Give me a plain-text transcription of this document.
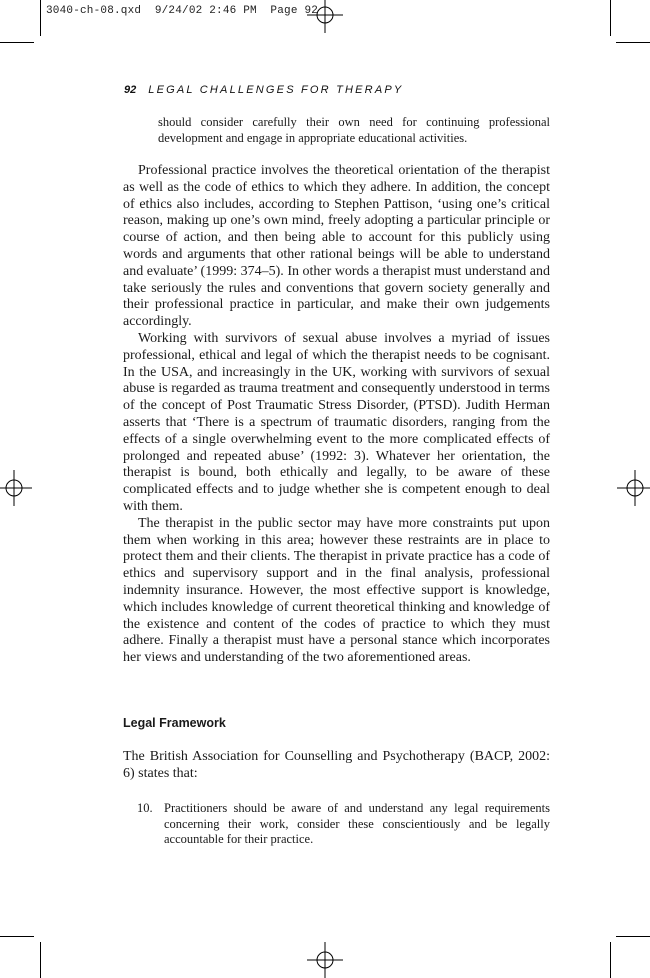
3040-ch-08.qxd  9/24/02 2:46 PM  Page 92
92 LEGAL CHALLENGES FOR THERAPY

should consider carefully their own need for continuing professional development and engage in appropriate educational activities.

Professional practice involves the theoretical orientation of the therapist as well as the code of ethics to which they adhere. In addition, the concept of ethics also includes, according to Stephen Pattison, ‘using one’s critical reason, making up one’s own mind, freely adopting a particular principle or course of action, and then being able to account for this publicly using words and arguments that other rational beings will be able to understand and evaluate’ (1999: 374–5). In other words a therapist must understand and take seriously the rules and conventions that govern society generally and their professional practice in particular, and make their own judgements accordingly.

Working with survivors of sexual abuse involves a myriad of issues professional, ethical and legal of which the therapist needs to be cognisant. In the USA, and increasingly in the UK, working with survivors of sexual abuse is regarded as trauma treatment and consequently understood in terms of the concept of Post Traumatic Stress Disorder, (PTSD). Judith Herman asserts that ‘There is a spectrum of traumatic disorders, ranging from the effects of a single overwhelming event to the more complicated effects of prolonged and repeated abuse’ (1992: 3). Whatever her orientation, the therapist is bound, both ethically and legally, to be aware of these complicated effects and to judge whether she is competent enough to deal with them.

The therapist in the public sector may have more constraints put upon them when working in this area; however these restraints are in place to protect them and their clients. The therapist in private practice has a code of ethics and supervisory support and in the final analysis, professional indemnity insurance. However, the most effective support is knowledge, which includes knowledge of current theoretical thinking and knowledge of the existence and content of the codes of practice to which they must adhere. Finally a therapist must have a personal stance which incorporates her views and understanding of the two aforementioned areas.

Legal Framework

The British Association for Counselling and Psychotherapy (BACP, 2002: 6) states that:

10. Practitioners should be aware of and understand any legal requirements concerning their work, consider these conscientiously and be legally accountable for their practice.
